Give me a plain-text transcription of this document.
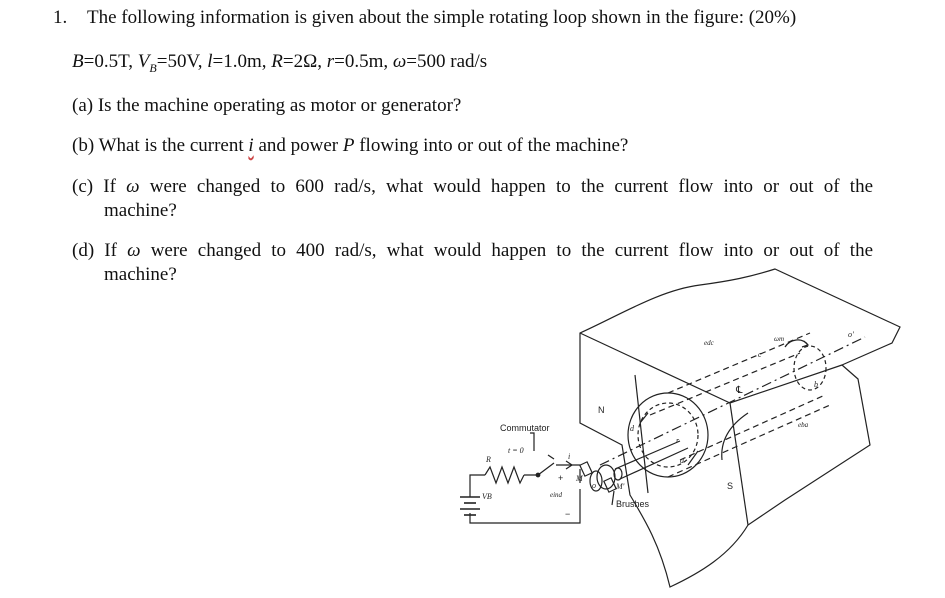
1. The following information is given about the simple rotating loop shown in the figure: (20%)
B=0.5T, $V_B=50V$, l=1.0m, R=2Ω, r=0.5m, ω=500 rad/s
(a) Is the machine operating as motor or generator?
(b) What is the current i and power P flowing into or out of the machine?
(c) If ω were changed to 600 rad/s, what would happen to the current flow into or out of the
machine?
(d) If ω were changed to 400 rad/s, what would happen to the current flow into or out of the
machine?
N
S
Commutator
t = 0
R	i
VB
+
−
M
M'
eind
Brushes
d
a
b
c
r
o
o'
ωm
edc
eba
℄
